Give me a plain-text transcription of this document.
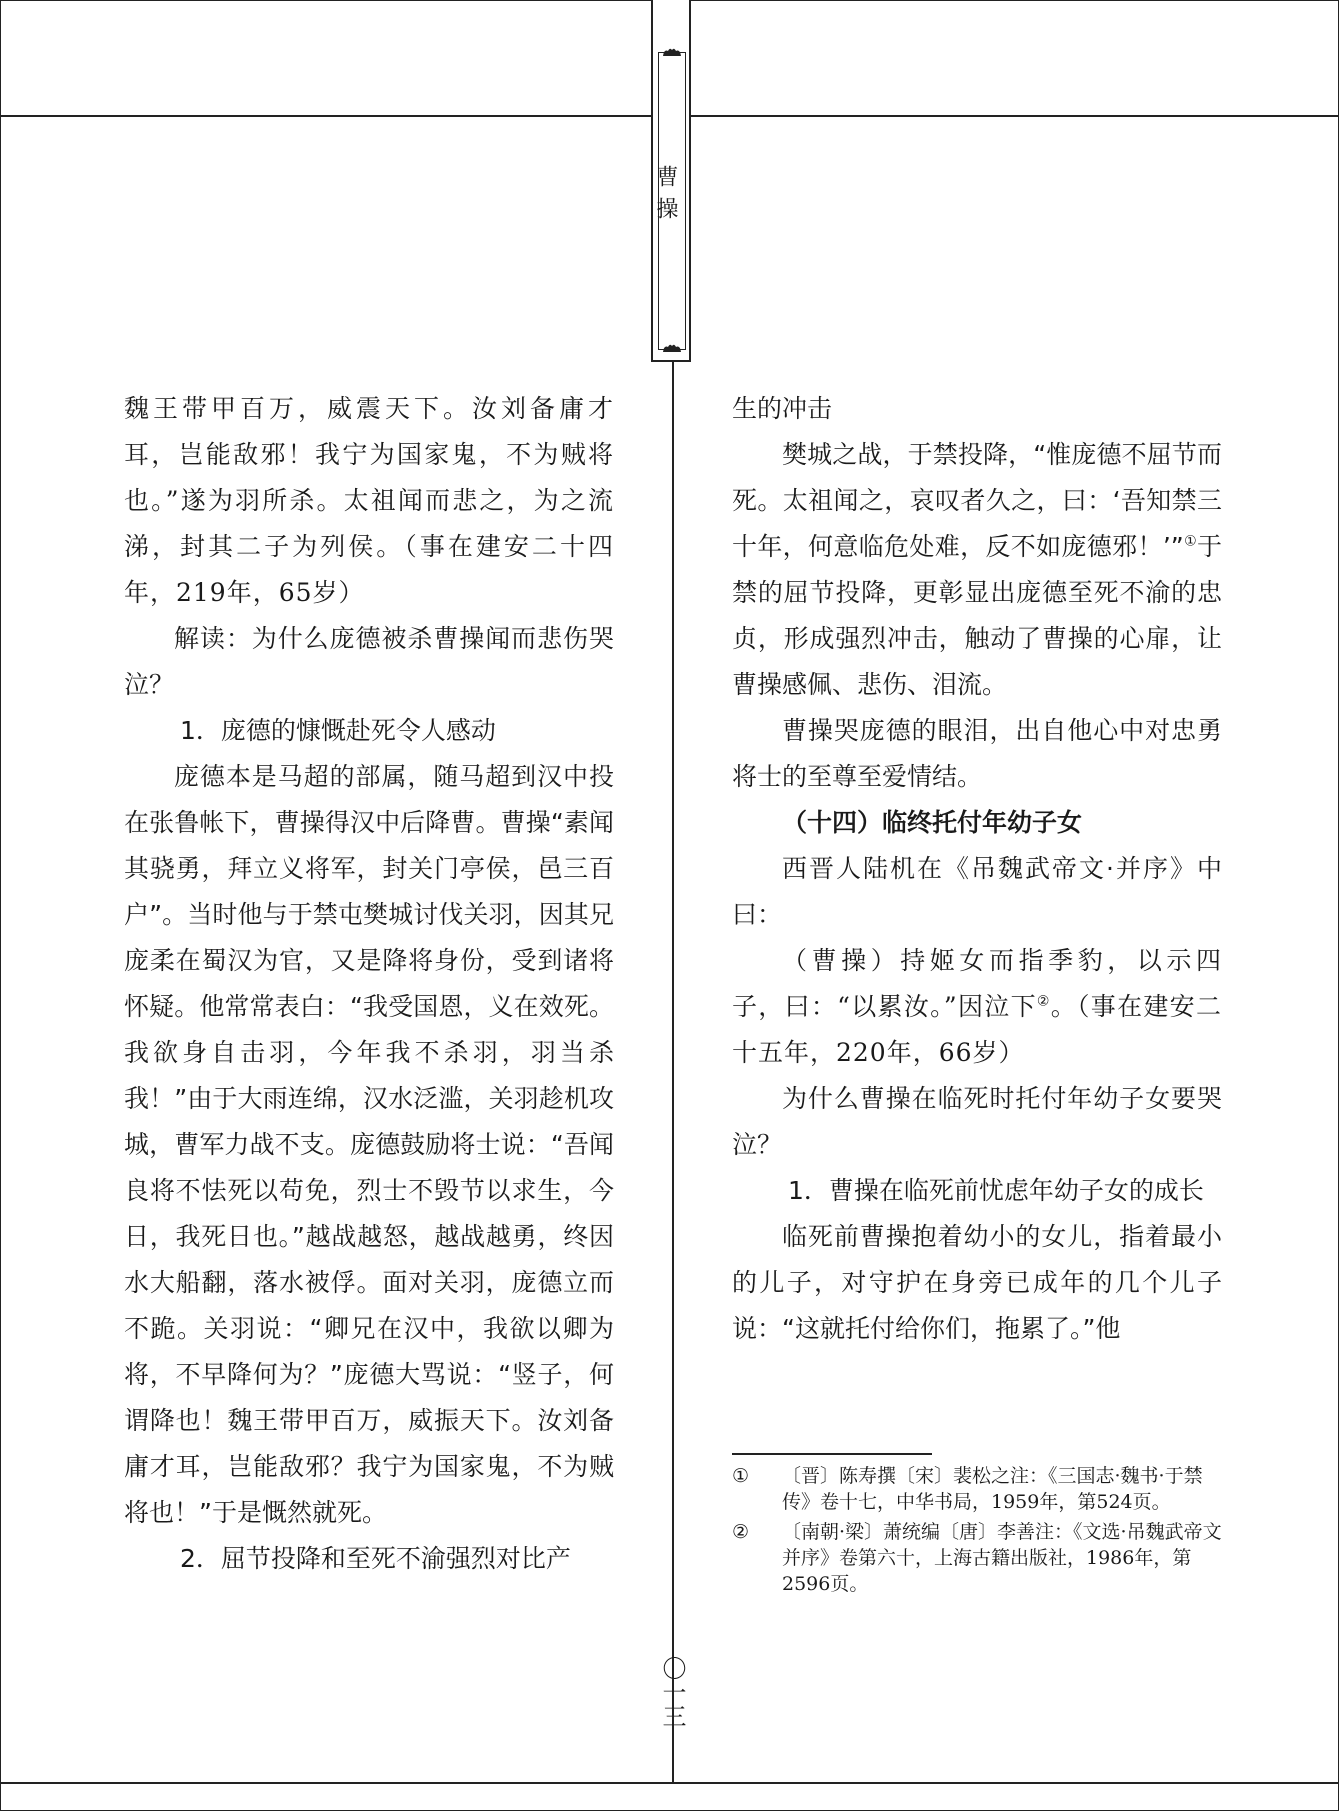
曹操

魏王带甲百万，威震天下。汝刘备庸才耳，岂能敌邪！我宁为国家鬼，不为贼将也。”遂为羽所杀。太祖闻而悲之，为之流涕，封其二子为列侯。（事在建安二十四年，219年，65岁）

解读：为什么庞德被杀曹操闻而悲伤哭泣？

1．庞德的慷慨赴死令人感动

庞德本是马超的部属，随马超到汉中投在张鲁帐下，曹操得汉中后降曹。曹操“素闻其骁勇，拜立义将军，封关门亭侯，邑三百户”。当时他与于禁屯樊城讨伐关羽，因其兄庞柔在蜀汉为官，又是降将身份，受到诸将怀疑。他常常表白：“我受国恩，义在效死。我欲身自击羽，今年我不杀羽，羽当杀我！”由于大雨连绵，汉水泛滥，关羽趁机攻城，曹军力战不支。庞德鼓励将士说：“吾闻良将不怯死以苟免，烈士不毁节以求生，今日，我死日也。”越战越怒，越战越勇，终因水大船翻，落水被俘。面对关羽，庞德立而不跪。关羽说：“卿兄在汉中，我欲以卿为将，不早降何为？”庞德大骂说：“竖子，何谓降也！魏王带甲百万，威振天下。汝刘备庸才耳，岂能敌邪？我宁为国家鬼，不为贼将也！”于是慨然就死。

2．屈节投降和至死不渝强烈对比产

生的冲击

樊城之战，于禁投降，“惟庞德不屈节而死。太祖闻之，哀叹者久之，曰：‘吾知禁三十年，何意临危处难，反不如庞德邪！’”①于禁的屈节投降，更彰显出庞德至死不渝的忠贞，形成强烈冲击，触动了曹操的心扉，让曹操感佩、悲伤、泪流。

曹操哭庞德的眼泪，出自他心中对忠勇将士的至尊至爱情结。

（十四）临终托付年幼子女

西晋人陆机在《吊魏武帝文·并序》中曰：

（曹操）持姬女而指季豹，以示四子，曰：“以累汝。”因泣下②。（事在建安二十五年，220年，66岁）

为什么曹操在临死时托付年幼子女要哭泣？

1．曹操在临死前忧虑年幼子女的成长

临死前曹操抱着幼小的女儿，指着最小的儿子，对守护在身旁已成年的几个儿子说：“这就托付给你们，拖累了。”他

① 〔晋〕陈寿撰〔宋〕裴松之注：《三国志·魏书·于禁传》卷十七，中华书局，1959年，第524页。

② 〔南朝·梁〕萧统编〔唐〕李善注：《文选·吊魏武帝文并序》卷第六十，上海古籍出版社，1986年，第2596页。

〇一三
